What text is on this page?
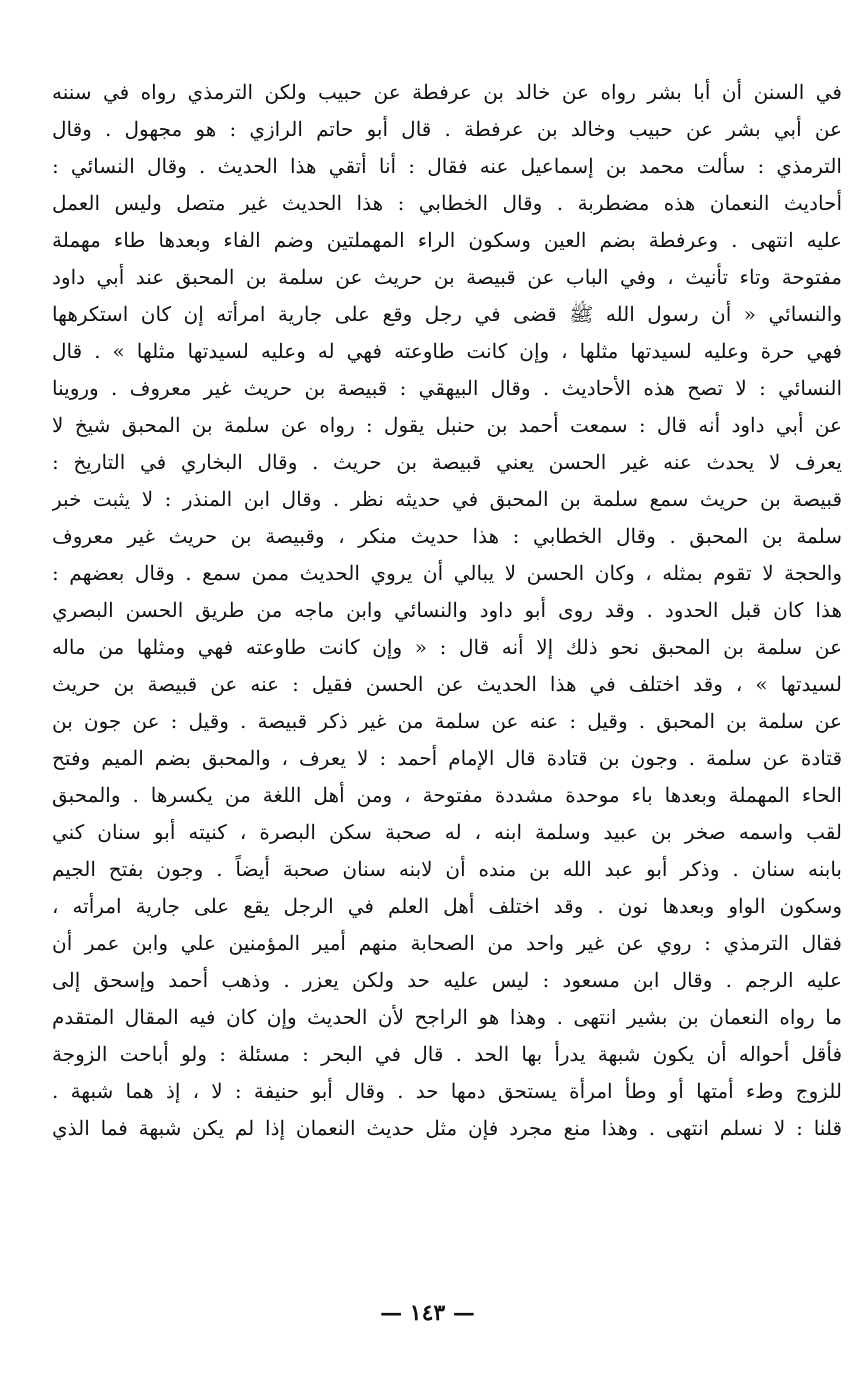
في السنن أن أبا بشر رواه عن خالد بن عرفطة عن حبيب ولكن الترمذي رواه في سننه
عن أبي بشر عن حبيب وخالد بن عرفطة . قال أبو حاتم الرازي : هو مجهول . وقال
الترمذي : سألت محمد بن إسماعيل عنه فقال : أنا أتقي هذا الحديث . وقال النسائي :
أحاديث النعمان هذه مضطربة . وقال الخطابي : هذا الحديث غير متصل وليس العمل
عليه انتهى . وعرفطة بضم العين وسكون الراء المهملتين وضم الفاء وبعدها طاء مهملة
مفتوحة وتاء تأنيث ، وفي الباب عن قبيصة بن حريث عن سلمة بن المحبق عند أبي داود
والنسائي « أن رسول الله ﷺ قضى في رجل وقع على جارية امرأته إن كان استكرهها
فهي حرة وعليه لسيدتها مثلها ، وإن كانت طاوعته فهي له وعليه لسيدتها مثلها » . قال
النسائي : لا تصح هذه الأحاديث . وقال البيهقي : قبيصة بن حريث غير معروف . وروينا
عن أبي داود أنه قال : سمعت أحمد بن حنبل يقول : رواه عن سلمة بن المحبق شيخ لا
يعرف لا يحدث عنه غير الحسن يعني قبيصة بن حريث . وقال البخاري في التاريخ :
قبيصة بن حريث سمع سلمة بن المحبق في حديثه نظر . وقال ابن المنذر : لا يثبت خبر
سلمة بن المحبق . وقال الخطابي : هذا حديث منكر ، وقبيصة بن حريث غير معروف
والحجة لا تقوم بمثله ، وكان الحسن لا يبالي أن يروي الحديث ممن سمع . وقال بعضهم :
هذا كان قبل الحدود . وقد روى أبو داود والنسائي وابن ماجه من طريق الحسن البصري
عن سلمة بن المحبق نحو ذلك إلا أنه قال : « وإن كانت طاوعته فهي ومثلها من ماله
لسيدتها » ، وقد اختلف في هذا الحديث عن الحسن فقيل : عنه عن قبيصة بن حريث
عن سلمة بن المحبق . وقيل : عنه عن سلمة من غير ذكر قبيصة . وقيل : عن جون بن
قتادة عن سلمة . وجون بن قتادة قال الإمام أحمد : لا يعرف ، والمحبق بضم الميم وفتح
الحاء المهملة وبعدها باء موحدة مشددة مفتوحة ، ومن أهل اللغة من يكسرها . والمحبق
لقب واسمه صخر بن عبيد وسلمة ابنه ، له صحبة سكن البصرة ، كنيته أبو سنان كني
بابنه سنان . وذكر أبو عبد الله بن منده أن لابنه سنان صحبة أيضاً . وجون بفتح الجيم
وسكون الواو وبعدها نون . وقد اختلف أهل العلم في الرجل يقع على جارية امرأته ،
فقال الترمذي : روي عن غير واحد من الصحابة منهم أمير المؤمنين علي وابن عمر أن
عليه الرجم . وقال ابن مسعود : ليس عليه حد ولكن يعزر . وذهب أحمد وإسحق إلى
ما رواه النعمان بن بشير انتهى . وهذا هو الراجح لأن الحديث وإن كان فيه المقال المتقدم
فأقل أحواله أن يكون شبهة يدرأ بها الحد . قال في البحر : مسئلة : ولو أباحت الزوجة
للزوج وطء أمتها أو وطأ امرأة يستحق دمها حد . وقال أبو حنيفة : لا ، إذ هما شبهة .
قلنا : لا نسلم انتهى . وهذا منع مجرد فإن مثل حديث النعمان إذا لم يكن شبهة فما الذي
— ١٤٣ —
